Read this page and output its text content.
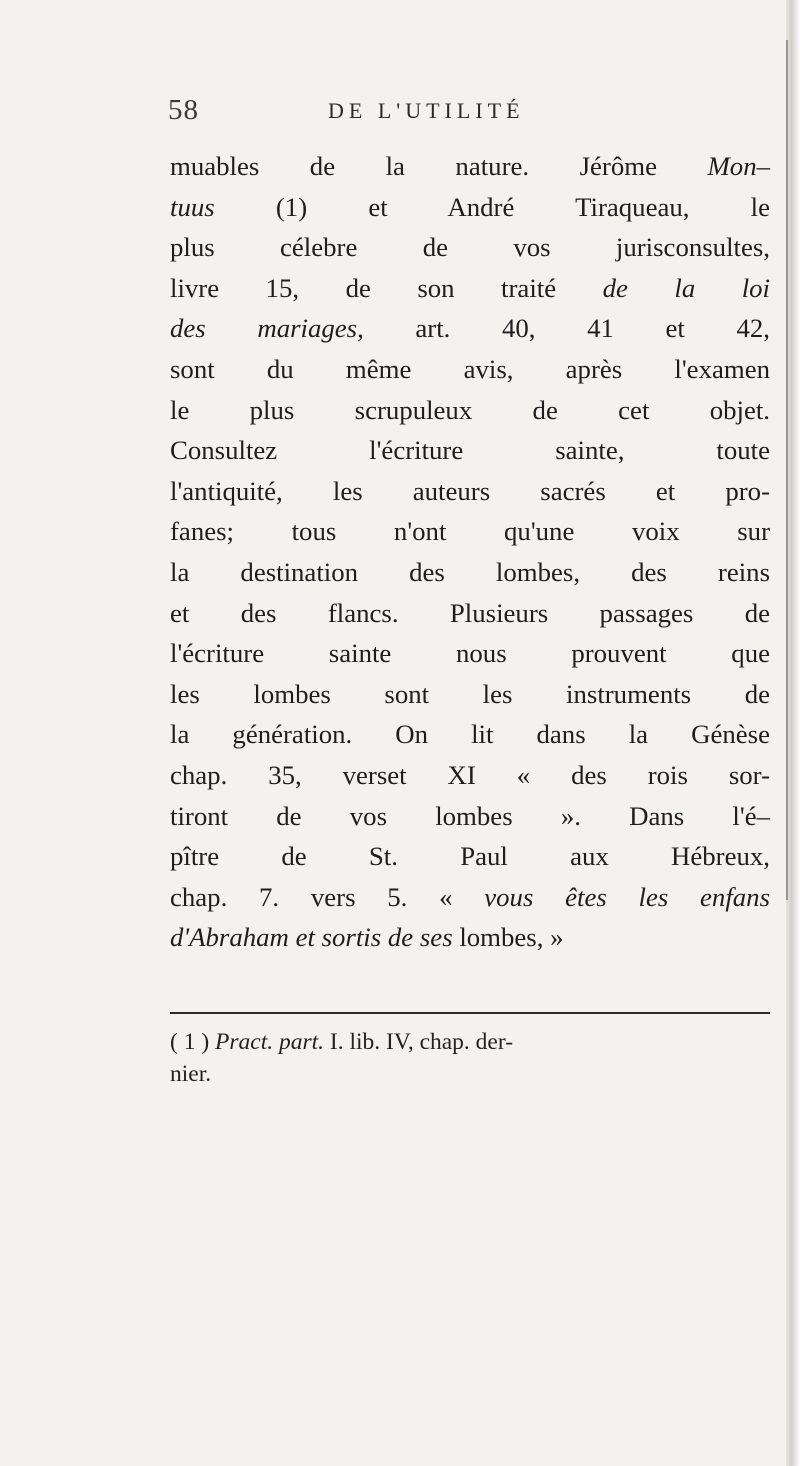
58	DE L'UTILITÉ
muables de la nature. Jérôme Mon–
tuus (1) et André Tiraqueau, le
plus célebre de vos jurisconsultes,
livre 15, de son traité de la loi
des mariages, art. 40, 41 et 42,
sont du même avis, après l'examen
le plus scrupuleux de cet objet.
Consultez l'écriture sainte, toute
l'antiquité, les auteurs sacrés et pro-
fanes; tous n'ont qu'une voix sur
la destination des lombes, des reins
et des flancs. Plusieurs passages de
l'écriture sainte nous prouvent que
les lombes sont les instruments de
la génération. On lit dans la Génèse
chap. 35, verset XI « des rois sor-
tiront de vos lombes ». Dans l'é–
pître de St. Paul aux Hébreux,
chap. 7. vers 5. « vous êtes les enfans
d'Abraham et sortis de ses lombes, »
( 1 ) Pract. part. I. lib. IV, chap. der-
nier.
